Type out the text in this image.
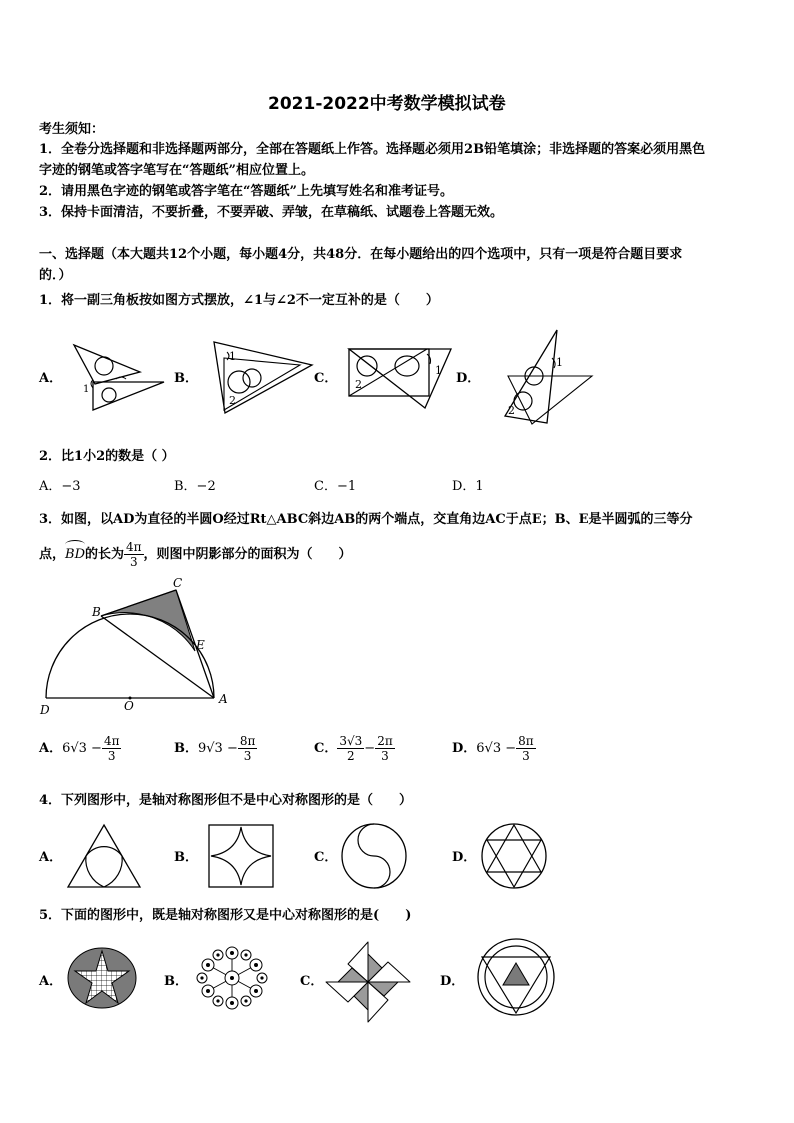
2021-2022中考数学模拟试卷
考生须知：
1．全卷分选择题和非选择题两部分，全部在答题纸上作答。选择题必须用2B铅笔填涂；非选择题的答案必须用黑色
字迹的钢笔或答字笔写在“答题纸”相应位置上。
2．请用黑色字迹的钢笔或答字笔在“答题纸”上先填写姓名和准考证号。
3．保持卡面清洁，不要折叠，不要弄破、弄皱，在草稿纸、试题卷上答题无效。
一、选择题（本大题共12个小题，每小题4分，共48分．在每小题给出的四个选项中，只有一项是符合题目要求
的．）
1．将一副三角板按如图方式摆放，∠1与∠2不一定互补的是（　　）
A．
1
B．
1
2
C．
1
2	D．
1
2
2．比1小2的数是（ ）
A．−3	B．−2	C．−1	D．1
3．如图，以AD为直径的半圆O经过Rt△ABC斜边AB的两个端点，交直角边AC于点E；B、E是半圆弧的三等分
点，
BD的长为 $\frac{4\pi}{3}$ ，则图中阴影部分的面积为（　　）
C
B
E
A
D	O
A．$6√3 - \frac{4\pi}{3}$	B．$9√3 - \frac{8\pi}{3}$	C． $\frac{3√3}{2} - \frac{2\pi}{3}$	D．$6√3 - \frac{8\pi}{3}$
4．下列图形中，是轴对称图形但不是中心对称图形的是（　　）
A．	B．	C．	D．
5．下面的图形中，既是轴对称图形又是中心对称图形的是(　　)
A．	B．	C．	D．
